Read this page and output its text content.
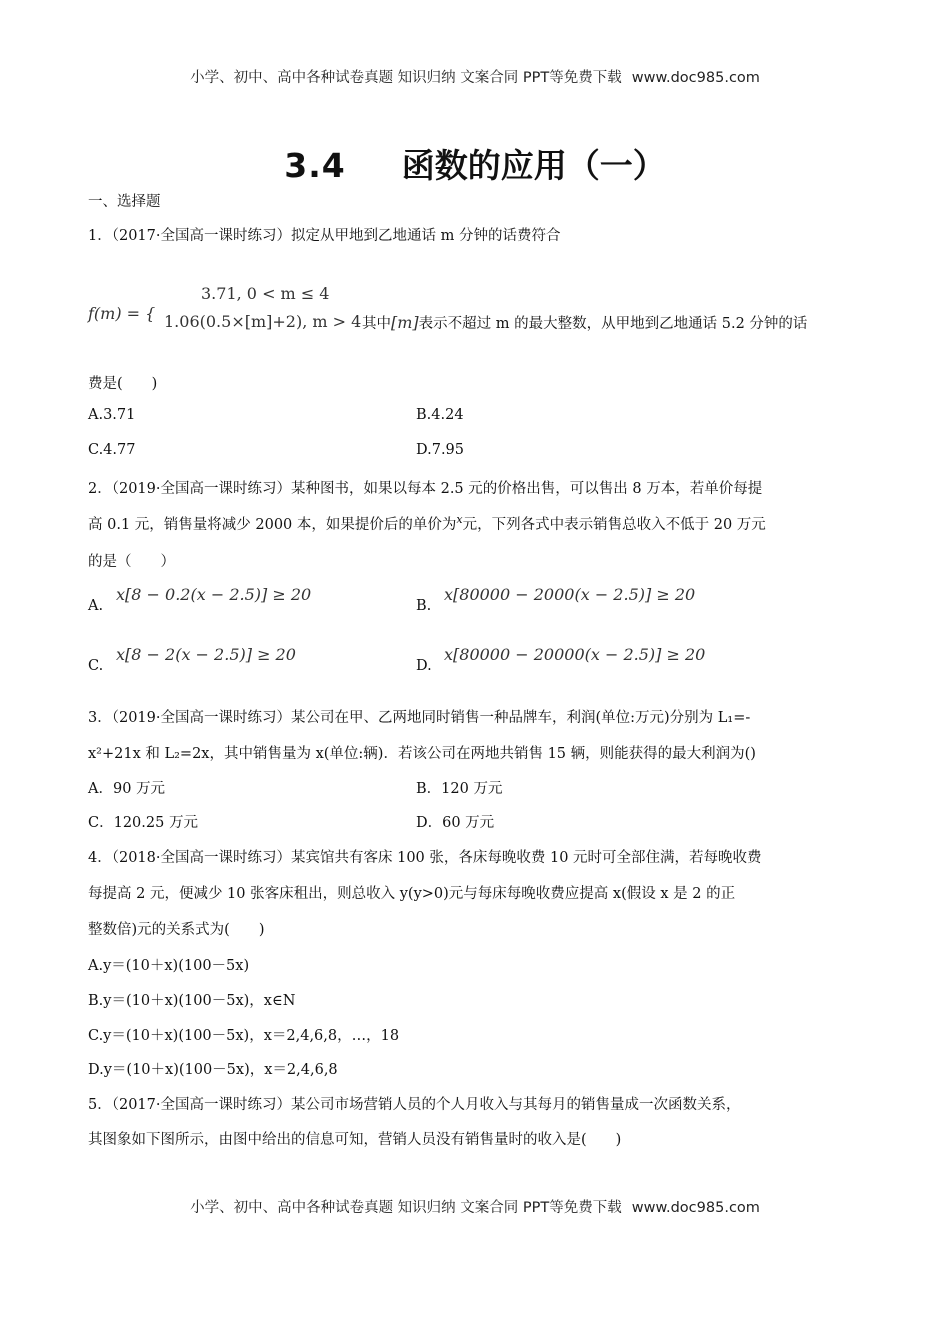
小学、初中、高中各种试卷真题 知识归纳 文案合同 PPT等免费下载 www.doc985.com
3.4 函数的应用（一）
一、选择题
1．（2017·全国高一课时练习）拟定从甲地到乙地通话 m 分钟的话费符合
f(m) = {
3.71, 0 < m ≤ 4
1.06(0.5×[m]+2), m > 4 其中[m]表示不超过 m 的最大整数，从甲地到乙地通话 5.2 分钟的话
费是(　　)
A.3.71	B.4.24
C.4.77	D.7.95
2．（2019·全国高一课时练习）某种图书，如果以每本 2.5 元的价格出售，可以售出 8 万本，若单价每提
高 0.1 元，销售量将减少 2000 本，如果提价后的单价为$^x$元，下列各式中表示销售总收入不低于 20 万元
的是（　　）
A.
x[8 − 0.2(x − 2.5)] ≥ 20
B.
x[80000 − 2000(x − 2.5)] ≥ 20
C.
x[8 − 2(x − 2.5)] ≥ 20
D.
x[80000 − 20000(x − 2.5)] ≥ 20
3．（2019·全国高一课时练习）某公司在甲、乙两地同时销售一种品牌车，利润(单位:万元)分别为 L₁=-
x²+21x 和 L₂=2x，其中销售量为 x(单位:辆)．若该公司在两地共销售 15 辆，则能获得的最大利润为()
A．90 万元	B．120 万元
C．120.25 万元	D．60 万元
4．（2018·全国高一课时练习）某宾馆共有客床 100 张，各床每晚收费 10 元时可全部住满，若每晚收费
每提高 2 元，便减少 10 张客床租出，则总收入 y(y>0)元与每床每晚收费应提高 x(假设 x 是 2 的正
整数倍)元的关系式为(　　)
A.y＝(10＋x)(100－5x)
B.y＝(10＋x)(100－5x)，x∈N
C.y＝(10＋x)(100－5x)，x＝2,4,6,8，…，18
D.y＝(10＋x)(100－5x)，x＝2,4,6,8
5．（2017·全国高一课时练习）某公司市场营销人员的个人月收入与其每月的销售量成一次函数关系，
其图象如下图所示，由图中给出的信息可知，营销人员没有销售量时的收入是(　　)
小学、初中、高中各种试卷真题 知识归纳 文案合同 PPT等免费下载 www.doc985.com
